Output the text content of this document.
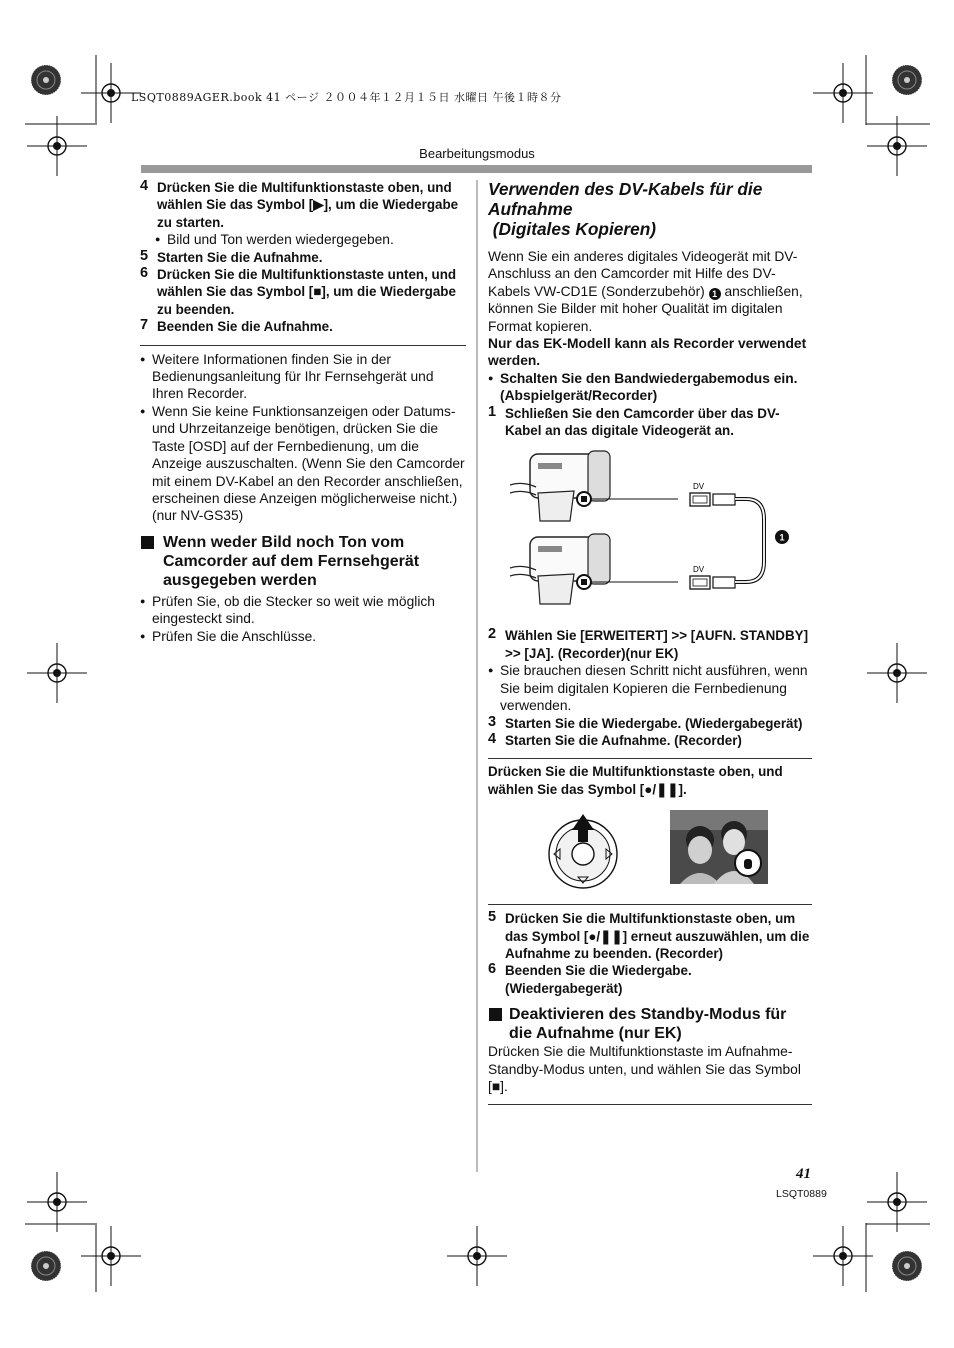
LSQT0889AGER.book 41 ページ ２００４年１２月１５日 水曜日 午後１時８分
Bearbeitungsmodus
4 Drücken Sie die Multifunktionstaste oben, und wählen Sie das Symbol [▶], um die Wiedergabe zu starten.
● Bild und Ton werden wiedergegeben.
5 Starten Sie die Aufnahme.
6 Drücken Sie die Multifunktionstaste unten, und wählen Sie das Symbol [■], um die Wiedergabe zu beenden.
7 Beenden Sie die Aufnahme.
● Weitere Informationen finden Sie in der Bedienungsanleitung für Ihr Fernsehgerät und Ihren Recorder.
● Wenn Sie keine Funktionsanzeigen oder Datums- und Uhrzeitanzeige benötigen, drücken Sie die Taste [OSD] auf der Fernbedienung, um die Anzeige auszuschalten. (Wenn Sie den Camcorder mit einem DV-Kabel an den Recorder anschließen, erscheinen diese Anzeigen möglicherweise nicht.) (nur NV-GS35)
Wenn weder Bild noch Ton vom Camcorder auf dem Fernsehgerät ausgegeben werden
● Prüfen Sie, ob die Stecker so weit wie möglich eingesteckt sind.
● Prüfen Sie die Anschlüsse.
Verwenden des DV-Kabels für die Aufnahme
(Digitales Kopieren)
Wenn Sie ein anderes digitales Videogerät mit DV-Anschluss an den Camcorder mit Hilfe des DV-Kabels VW-CD1E (Sonderzubehör) 1 anschließen, können Sie Bilder mit hoher Qualität im digitalen Format kopieren.
Nur das EK-Modell kann als Recorder verwendet werden.
● Schalten Sie den Bandwiedergabemodus ein. (Abspielgerät/Recorder)
1 Schließen Sie den Camcorder über das DV-Kabel an das digitale Videogerät an.
DV
DV
1
2 Wählen Sie [ERWEITERT] >> [AUFN. STANDBY] >> [JA]. (Recorder)(nur EK)
● Sie brauchen diesen Schritt nicht ausführen, wenn Sie beim digitalen Kopieren die Fernbedienung verwenden.
3 Starten Sie die Wiedergabe. (Wiedergabegerät)
4 Starten Sie die Aufnahme. (Recorder)
Drücken Sie die Multifunktionstaste oben, und wählen Sie das Symbol [●/❚❚].
5 Drücken Sie die Multifunktionstaste oben, um das Symbol [●/❚❚] erneut auszuwählen, um die Aufnahme zu beenden. (Recorder)
6 Beenden Sie die Wiedergabe. (Wiedergabegerät)
Deaktivieren des Standby-Modus für die Aufnahme (nur EK)
Drücken Sie die Multifunktionstaste im Aufnahme-Standby-Modus unten, und wählen Sie das Symbol [■].
41
LSQT0889
